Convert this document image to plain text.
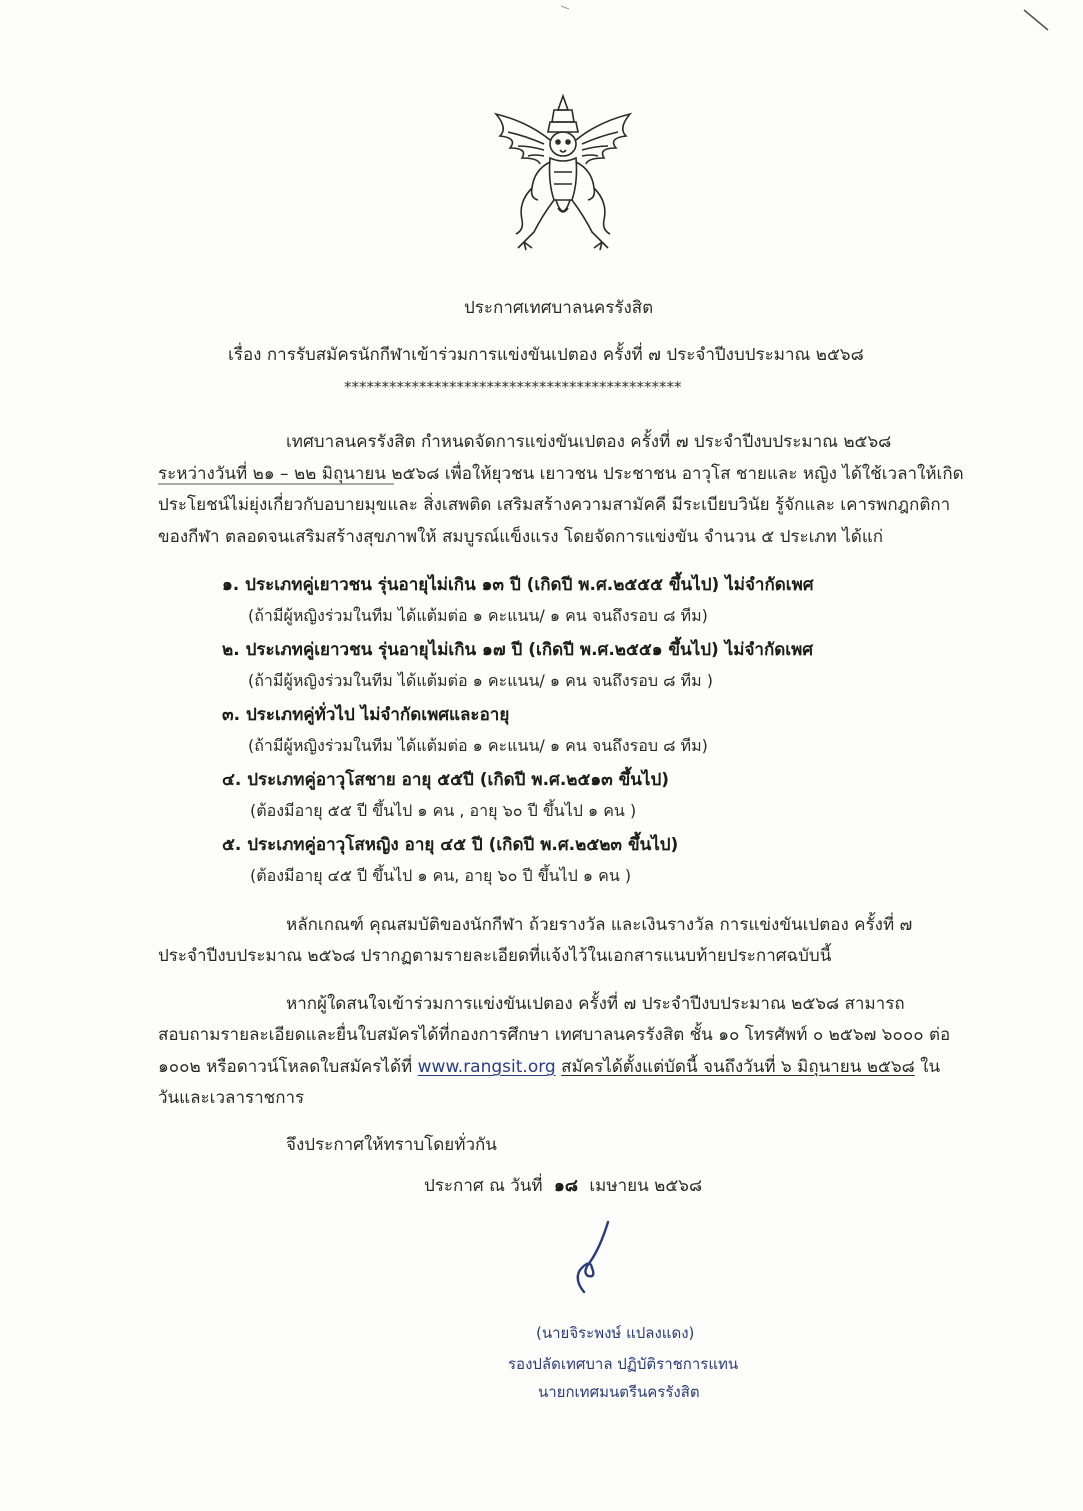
ประกาศเทศบาลนครรังสิต
เรื่อง การรับสมัครนักกีฬาเข้าร่วมการแข่งขันเปตอง ครั้งที่ ๗ ประจำปีงบประมาณ ๒๕๖๘
*********************************************
เทศบาลนครรังสิต กำหนดจัดการแข่งขันเปตอง ครั้งที่ ๗ ประจำปีงบประมาณ ๒๕๖๘
ระหว่างวันที่ ๒๑ – ๒๒ มิถุนายน ๒๕๖๘ เพื่อให้ยุวชน เยาวชน ประชาชน อาวุโส ชายและ หญิง ได้ใช้เวลาให้เกิด
ประโยชน์ไม่ยุ่งเกี่ยวกับอบายมุขและ สิ่งเสพติด เสริมสร้างความสามัคคี มีระเบียบวินัย รู้จักและ เคารพกฎกติกา
ของกีฬา ตลอดจนเสริมสร้างสุขภาพให้ สมบูรณ์แข็งแรง โดยจัดการแข่งขัน จำนวน ๕ ประเภท ได้แก่
๑. ประเภทคู่เยาวชน รุ่นอายุไม่เกิน ๑๓ ปี (เกิดปี พ.ศ.๒๕๕๕ ขึ้นไป) ไม่จำกัดเพศ
(ถ้ามีผู้หญิงร่วมในทีม ได้แต้มต่อ ๑ คะแนน/ ๑ คน จนถึงรอบ ๘ ทีม)
๒. ประเภทคู่เยาวชน รุ่นอายุไม่เกิน ๑๗ ปี (เกิดปี พ.ศ.๒๕๕๑ ขึ้นไป) ไม่จำกัดเพศ
(ถ้ามีผู้หญิงร่วมในทีม ได้แต้มต่อ ๑ คะแนน/ ๑ คน จนถึงรอบ ๘ ทีม )
๓. ประเภทคู่ทั่วไป ไม่จำกัดเพศและอายุ
(ถ้ามีผู้หญิงร่วมในทีม ได้แต้มต่อ ๑ คะแนน/ ๑ คน จนถึงรอบ ๘ ทีม)
๔. ประเภทคู่อาวุโสชาย อายุ ๕๕ปี (เกิดปี พ.ศ.๒๕๑๓ ขึ้นไป)
(ต้องมีอายุ ๕๕ ปี ขึ้นไป ๑ คน , อายุ ๖๐ ปี ขึ้นไป ๑ คน )
๕. ประเภทคู่อาวุโสหญิง อายุ ๔๕ ปี (เกิดปี พ.ศ.๒๕๒๓ ขึ้นไป)
(ต้องมีอายุ ๔๕ ปี ขึ้นไป ๑ คน, อายุ ๖๐ ปี ขึ้นไป ๑ คน )
หลักเกณฑ์ คุณสมบัติของนักกีฬา ถ้วยรางวัล และเงินรางวัล การแข่งขันเปตอง ครั้งที่ ๗
ประจำปีงบประมาณ ๒๕๖๘ ปรากฏตามรายละเอียดที่แจ้งไว้ในเอกสารแนบท้ายประกาศฉบับนี้
หากผู้ใดสนใจเข้าร่วมการแข่งขันเปตอง ครั้งที่ ๗ ประจำปีงบประมาณ ๒๕๖๘ สามารถ
สอบถามรายละเอียดและยื่นใบสมัครได้ที่กองการศึกษา เทศบาลนครรังสิต ชั้น ๑๐ โทรศัพท์ ๐ ๒๕๖๗ ๖๐๐๐ ต่อ
๑๐๐๒ หรือดาวน์โหลดใบสมัครได้ที่ www.rangsit.org สมัครได้ตั้งแต่บัดนี้ จนถึงวันที่ ๖ มิถุนายน ๒๕๖๘ ใน
วันและเวลาราชการ
จึงประกาศให้ทราบโดยทั่วกัน
ประกาศ ณ วันที่ ๑๘ เมษายน ๒๕๖๘
(นายจิระพงษ์ แปลงแดง)
รองปลัดเทศบาล ปฏิบัติราชการแทน
นายกเทศมนตรีนครรังสิต
